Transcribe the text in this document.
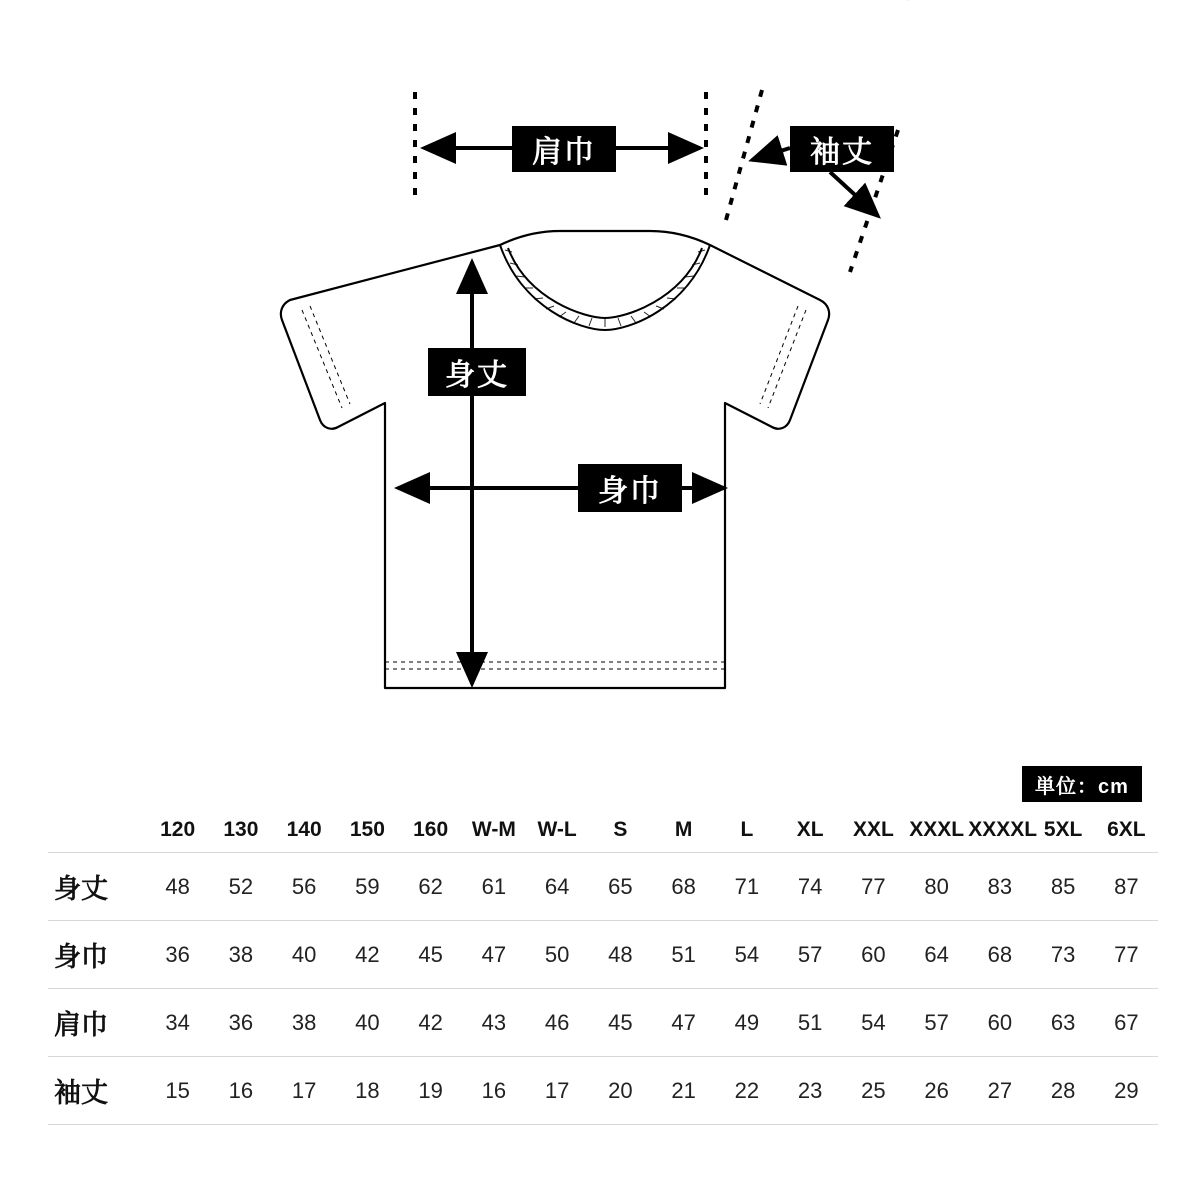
肩巾	袖丈
身丈
身巾
単位：cm
	120	130	140	150	160	W-M	W-L	S	M	L	XL	XXL	XXXL	XXXXL	5XL	6XL
身丈	48	52	56	59	62	61	64	65	68	71	74	77	80	83	85	87
身巾	36	38	40	42	45	47	50	48	51	54	57	60	64	68	73	77
肩巾	34	36	38	40	42	43	46	45	47	49	51	54	57	60	63	67
袖丈	15	16	17	18	19	16	17	20	21	22	23	25	26	27	28	29
